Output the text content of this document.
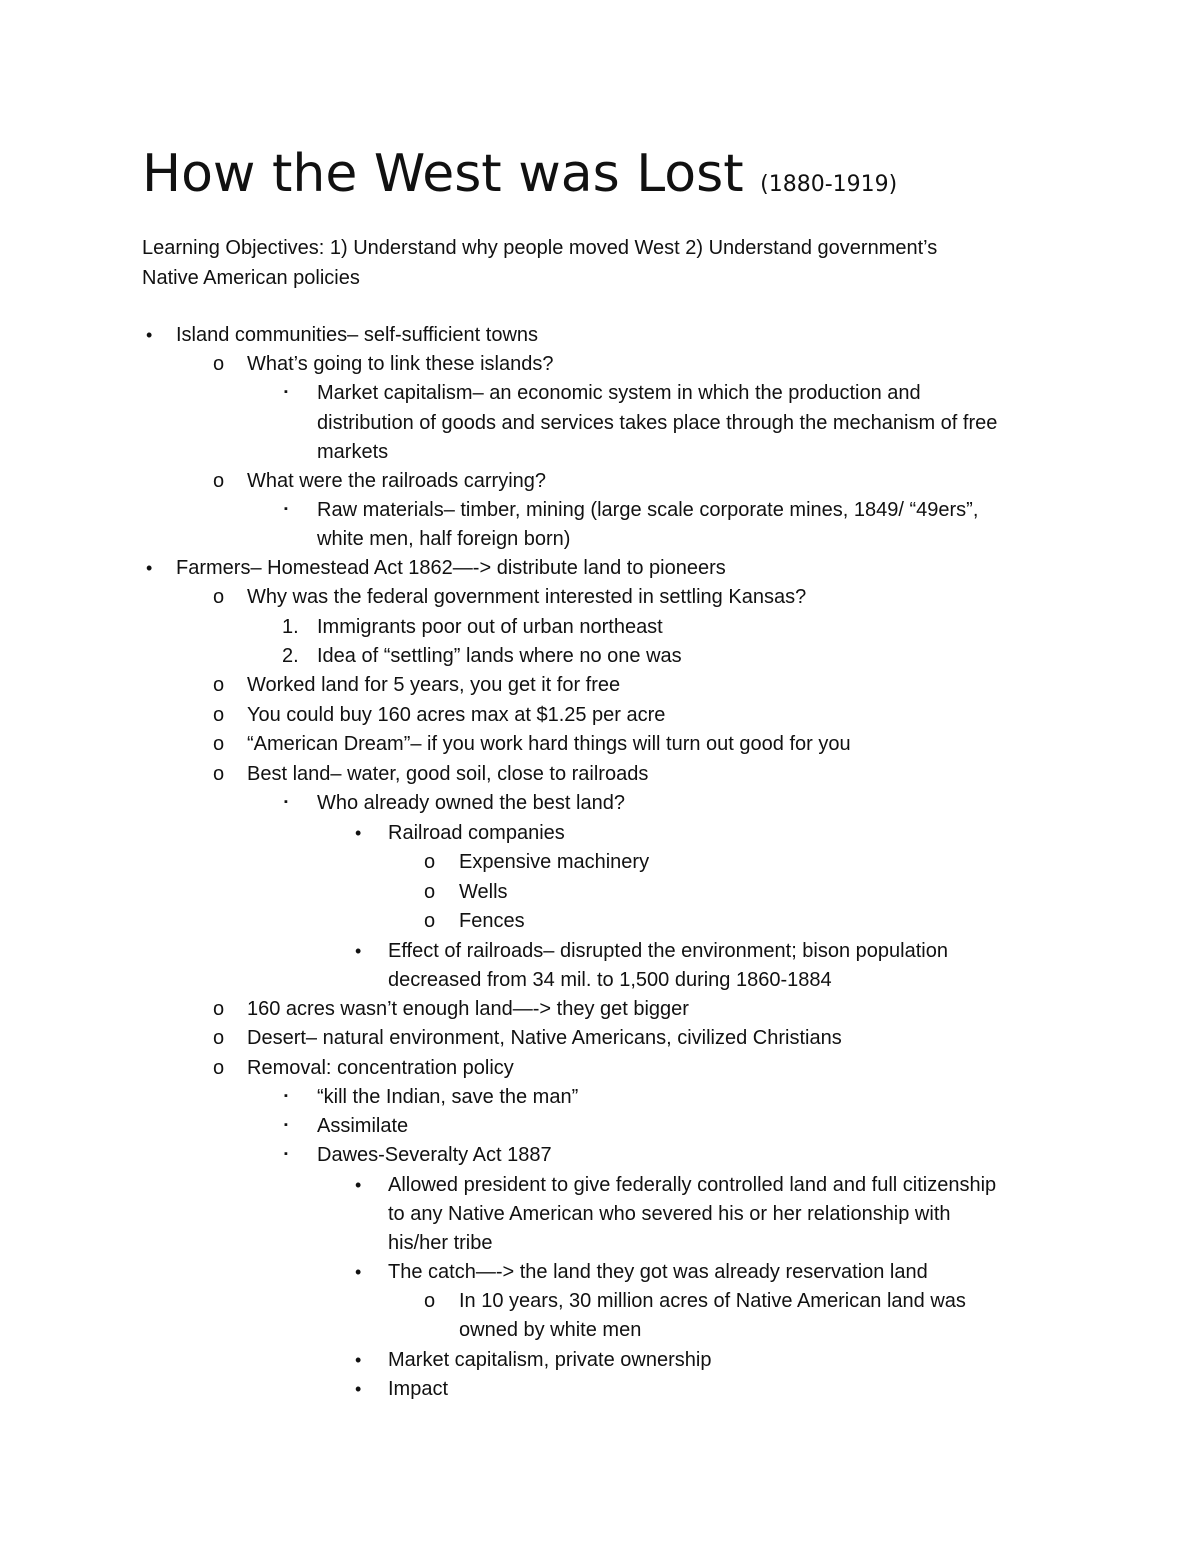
How the West was Lost (1880-1919)

Learning Objectives: 1) Understand why people moved West 2) Understand government’s
Native American policies

•	Island communities– self-sufficient towns
o	What’s going to link these islands?
▪	Market capitalism– an economic system in which the production and
distribution of goods and services takes place through the mechanism of free
markets
o	What were the railroads carrying?
▪	Raw materials– timber, mining (large scale corporate mines, 1849/ “49ers”,
white men, half foreign born)
•	Farmers– Homestead Act 1862—-> distribute land to pioneers
o	Why was the federal government interested in settling Kansas?
1. Immigrants poor out of urban northeast
2. Idea of “settling” lands where no one was
o	Worked land for 5 years, you get it for free
o	You could buy 160 acres max at $1.25 per acre
o	“American Dream”– if you work hard things will turn out good for you
o	Best land– water, good soil, close to railroads
▪	Who already owned the best land?
•	Railroad companies
o	Expensive machinery
o	Wells
o	Fences
•	Effect of railroads– disrupted the environment; bison population
decreased from 34 mil. to 1,500 during 1860-1884
o	160 acres wasn’t enough land—-> they get bigger
o	Desert– natural environment, Native Americans, civilized Christians
o	Removal: concentration policy
▪	“kill the Indian, save the man”
▪	Assimilate
▪	Dawes-Severalty Act 1887
•	Allowed president to give federally controlled land and full citizenship
to any Native American who severed his or her relationship with
his/her tribe
•	The catch—-> the land they got was already reservation land
o	In 10 years, 30 million acres of Native American land was
owned by white men
•	Market capitalism, private ownership
•	Impact
